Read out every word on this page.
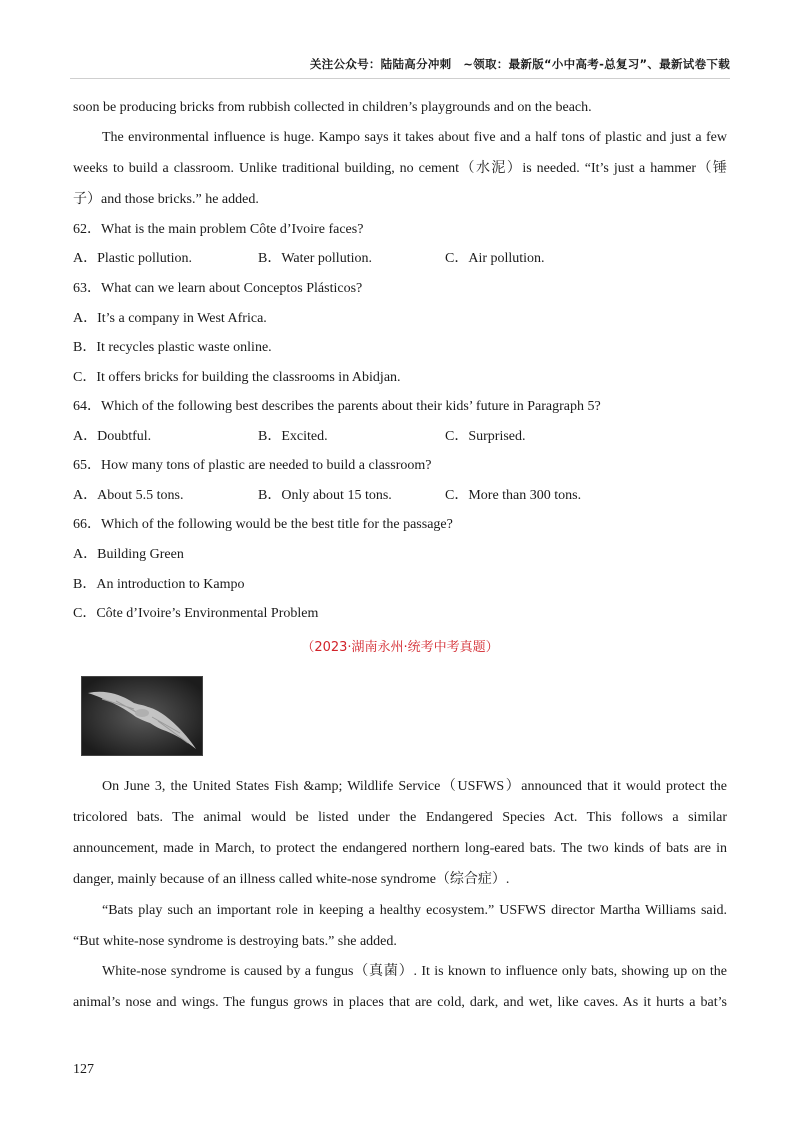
关注公众号：陆陆高分冲刺　~领取：最新版“小中高考-总复习”、最新试卷下载
soon be producing bricks from rubbish collected in children’s playgrounds and on the beach.
The environmental influence is huge. Kampo says it takes about five and a half tons of plastic and just a few
weeks to build a classroom. Unlike traditional building, no cement（水泥）is needed. “It’s just a hammer（锤
子）and those bricks.” he added.
62．What is the main problem Côte d’Ivoire faces?
A．Plastic pollution.	B．Water pollution.	C．Air pollution.
63．What can we learn about Conceptos Plásticos?
A．It’s a company in West Africa.
B．It recycles plastic waste online.
C．It offers bricks for building the classrooms in Abidjan.
64．Which of the following best describes the parents about their kids’ future in Paragraph 5?
A．Doubtful.	B．Excited.	C．Surprised.
65．How many tons of plastic are needed to build a classroom?
A．About 5.5 tons.	B．Only about 15 tons.	C．More than 300 tons.
66．Which of the following would be the best title for the passage?
A．Building Green
B．An introduction to Kampo
C．Côte d’Ivoire’s Environmental Problem
（2023·湖南永州·统考中考真题）
On June 3, the United States Fish &amp; Wildlife Service（USFWS）announced that it would protect the
tricolored bats. The animal would be listed under the Endangered Species Act. This follows a similar
announcement, made in March, to protect the endangered northern long-eared bats. The two kinds of bats are in
danger, mainly because of an illness called white-nose syndrome（综合症）.
“Bats play such an important role in keeping a healthy ecosystem.” USFWS director Martha Williams said.
“But white-nose syndrome is destroying bats.” she added.
White-nose syndrome is caused by a fungus（真菌）. It is known to influence only bats, showing up on the
animal’s nose and wings. The fungus grows in places that are cold, dark, and wet, like caves. As it hurts a bat’s
127
